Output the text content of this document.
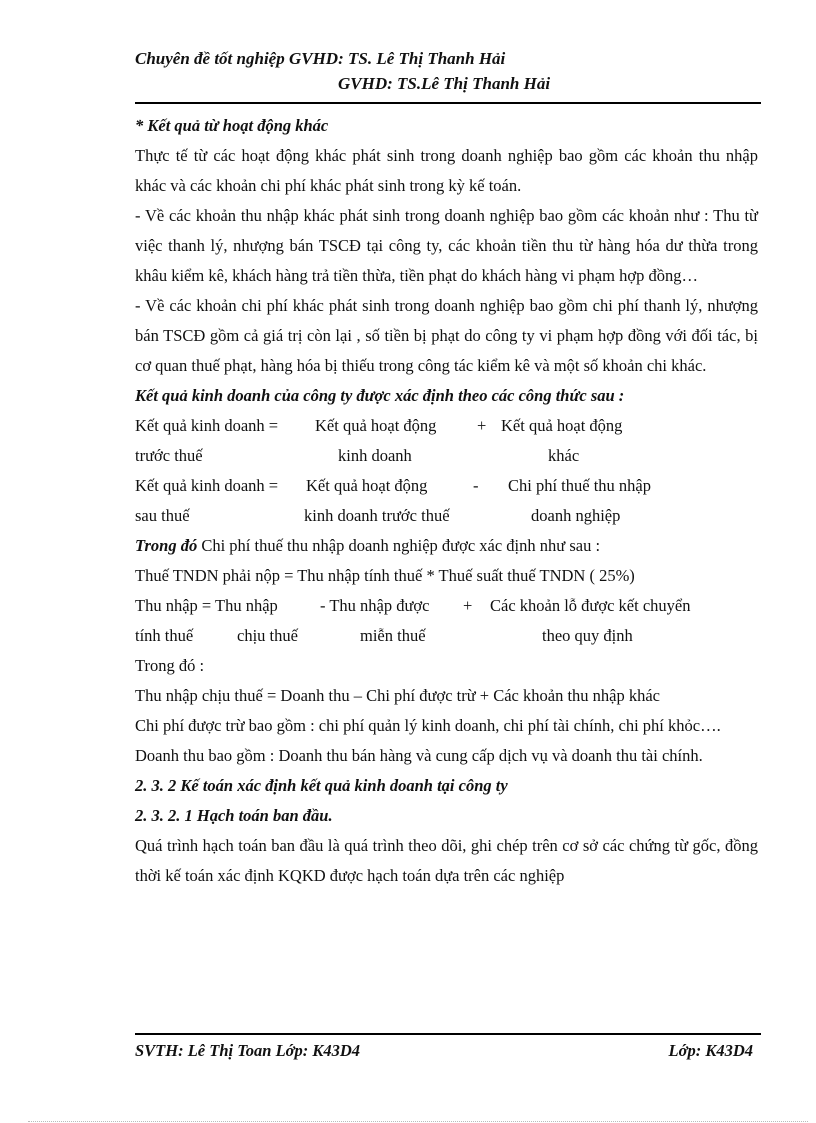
Chuyên đề tốt nghiệp GVHD: TS. Lê Thị Thanh Hải
GVHD: TS.Lê Thị Thanh Hải

* Kết quả từ hoạt động khác

Thực tế từ các hoạt động khác phát sinh trong doanh nghiệp bao gồm các khoản thu nhập khác và các khoản chi phí khác phát sinh trong kỳ kế toán.

- Về các khoản thu nhập khác phát sinh trong doanh nghiệp bao gồm các khoản như : Thu từ việc thanh lý, nhượng bán TSCĐ tại công ty, các khoản tiền thu từ hàng hóa dư thừa trong khâu kiểm kê, khách hàng trả tiền thừa, tiền phạt do khách hàng vi phạm hợp đồng…

- Về các khoản chi phí khác phát sinh trong doanh nghiệp bao gồm chi phí thanh lý, nhượng bán TSCĐ gồm cả giá trị còn lại , số tiền bị phạt do công ty vi phạm hợp đồng với đối tác, bị cơ quan thuế phạt, hàng hóa bị thiếu trong công tác kiểm kê và một số khoản chi khác.

Kết quả kinh doanh của công ty được xác định theo các công thức sau :

Kết quả kinh doanh = Kết quả hoạt động + Kết quả hoạt động
trước thuế	kinh doanh	khác
Kết quả kinh doanh = Kết quả hoạt động	- Chi phí thuế thu nhập
sau thuế	kinh doanh trước thuế	doanh nghiệp

Trong đó Chi phí thuế thu nhập doanh nghiệp được xác định như sau :

Thuế TNDN phải nộp = Thu nhập tính thuế * Thuế suất thuế TNDN ( 25%)

Thu nhập = Thu nhập	- Thu nhập được + Các khoản lỗ được kết chuyển
tính thuế	chịu thuế	miễn thuế	theo quy định

Trong đó :

Thu nhập chịu thuế = Doanh thu – Chi phí được trừ + Các khoản thu nhập khác

Chi phí được trừ bao gồm : chi phí quản lý kinh doanh, chi phí tài chính, chi phí khỏc….

Doanh thu bao gồm : Doanh thu bán hàng và cung cấp dịch vụ và doanh thu tài chính.

2. 3. 2 Kế toán xác định kết quả kinh doanh tại công ty

2. 3. 2. 1 Hạch toán ban đầu.

Quá trình hạch toán ban đầu là quá trình theo dõi, ghi chép trên cơ sở các chứng từ gốc, đồng thời kế toán xác định KQKD được hạch toán dựa trên các nghiệp

SVTH: Lê Thị Toan Lớp: K43D4	Lớp: K43D4
